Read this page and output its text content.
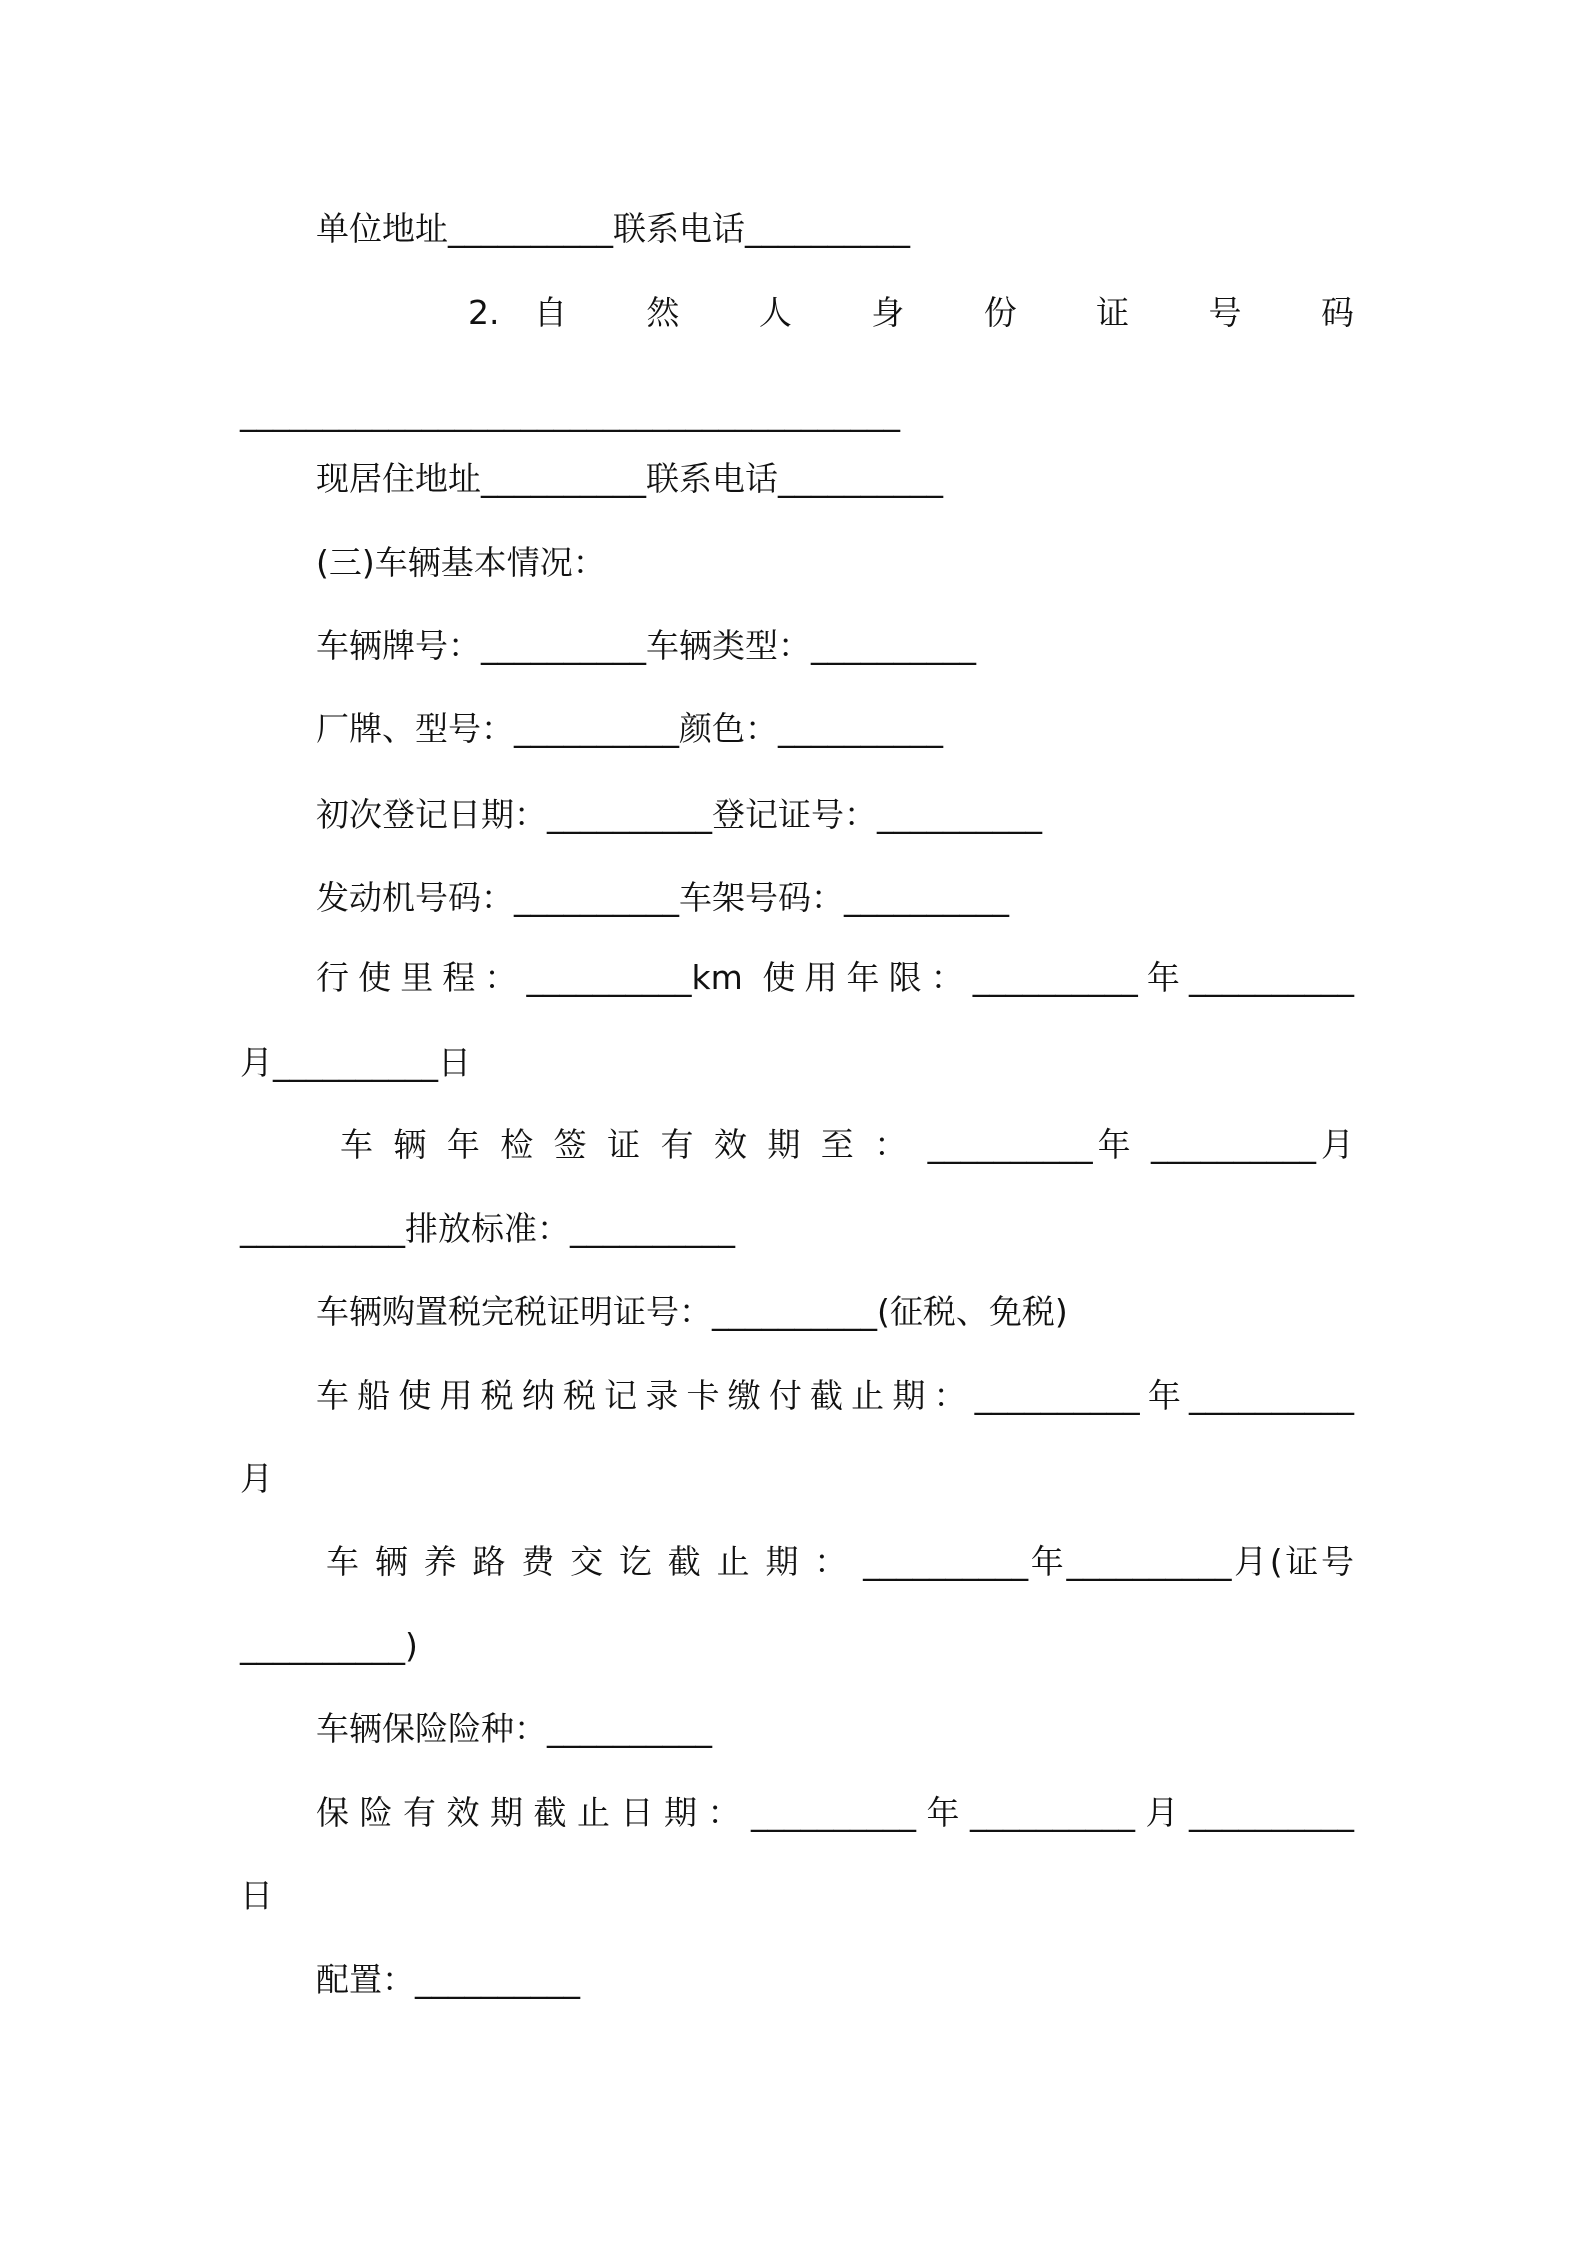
单位地址__________联系电话__________
2.自 然 人 身 份 证 号 码
________________________________________
现居住地址__________联系电话__________
(三)车辆基本情况：
车辆牌号：__________车辆类型：__________
厂牌、型号：__________颜色：__________
初次登记日期：__________登记证号：__________
发动机号码：__________车架号码：__________
行使里程：__________km 使用年限：__________年__________
月__________日
车 辆 年 检 签 证 有 效 期 至 ： __________年 __________月
__________排放标准：__________
车辆购置税完税证明证号：__________(征税、免税)
车船使用税纳税记录卡缴付截止期：__________年__________
月
车 辆 养 路 费 交 讫 截 止 期 ： __________年__________月(证号
__________)
车辆保险险种：__________
保险有效期截止日期：__________年__________月__________
日
配置：__________
